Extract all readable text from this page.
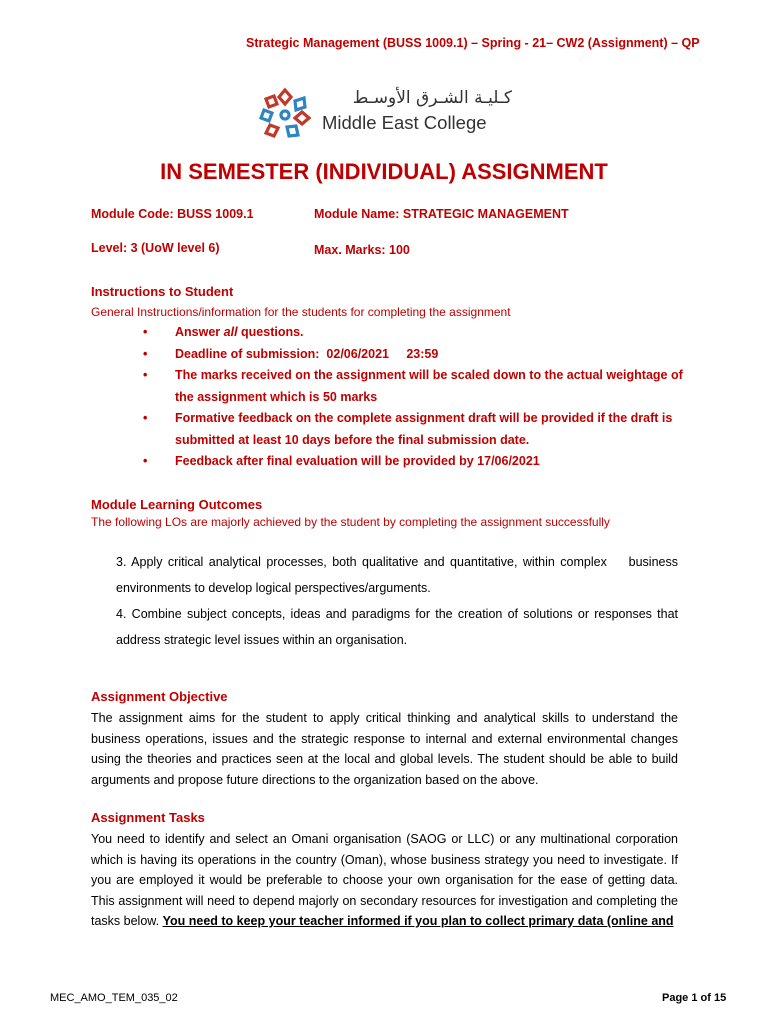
Strategic Management (BUSS 1009.1) – Spring - 21– CW2 (Assignment) – QP
كـليـة الشـرق الأوسـط
Middle East College
IN SEMESTER (INDIVIDUAL) ASSIGNMENT
Module Code: BUSS 1009.1	Module Name: STRATEGIC MANAGEMENT
Level: 3 (UoW level 6)	Max. Marks: 100
Instructions to Student
General Instructions/information for the students for completing the assignment
• Answer all questions.
• Deadline of submission:  02/06/2021     23:59
• The marks received on the assignment will be scaled down to the actual weightage of the assignment which is 50 marks
• Formative feedback on the complete assignment draft will be provided if the draft is submitted at least 10 days before the final submission date.
• Feedback after final evaluation will be provided by 17/06/2021
Module Learning Outcomes
The following LOs are majorly achieved by the student by completing the assignment successfully
3. Apply critical analytical processes, both qualitative and quantitative, within complex    business environments to develop logical perspectives/arguments.
4. Combine subject concepts, ideas and paradigms for the creation of solutions or responses that address strategic level issues within an organisation.
Assignment Objective
The assignment aims for the student to apply critical thinking and analytical skills to understand the business operations, issues and the strategic response to internal and external environmental changes using the theories and practices seen at the local and global levels. The student should be able to build arguments and propose future directions to the organization based on the above.
Assignment Tasks
You need to identify and select an Omani organisation (SAOG or LLC) or any multinational corporation which is having its operations in the country (Oman), whose business strategy you need to investigate. If you are employed it would be preferable to choose your own organisation for the ease of getting data. This assignment will need to depend majorly on secondary resources for investigation and completing the tasks below. You need to keep your teacher informed if you plan to collect primary data (online and
MEC_AMO_TEM_035_02	Page 1 of 15
